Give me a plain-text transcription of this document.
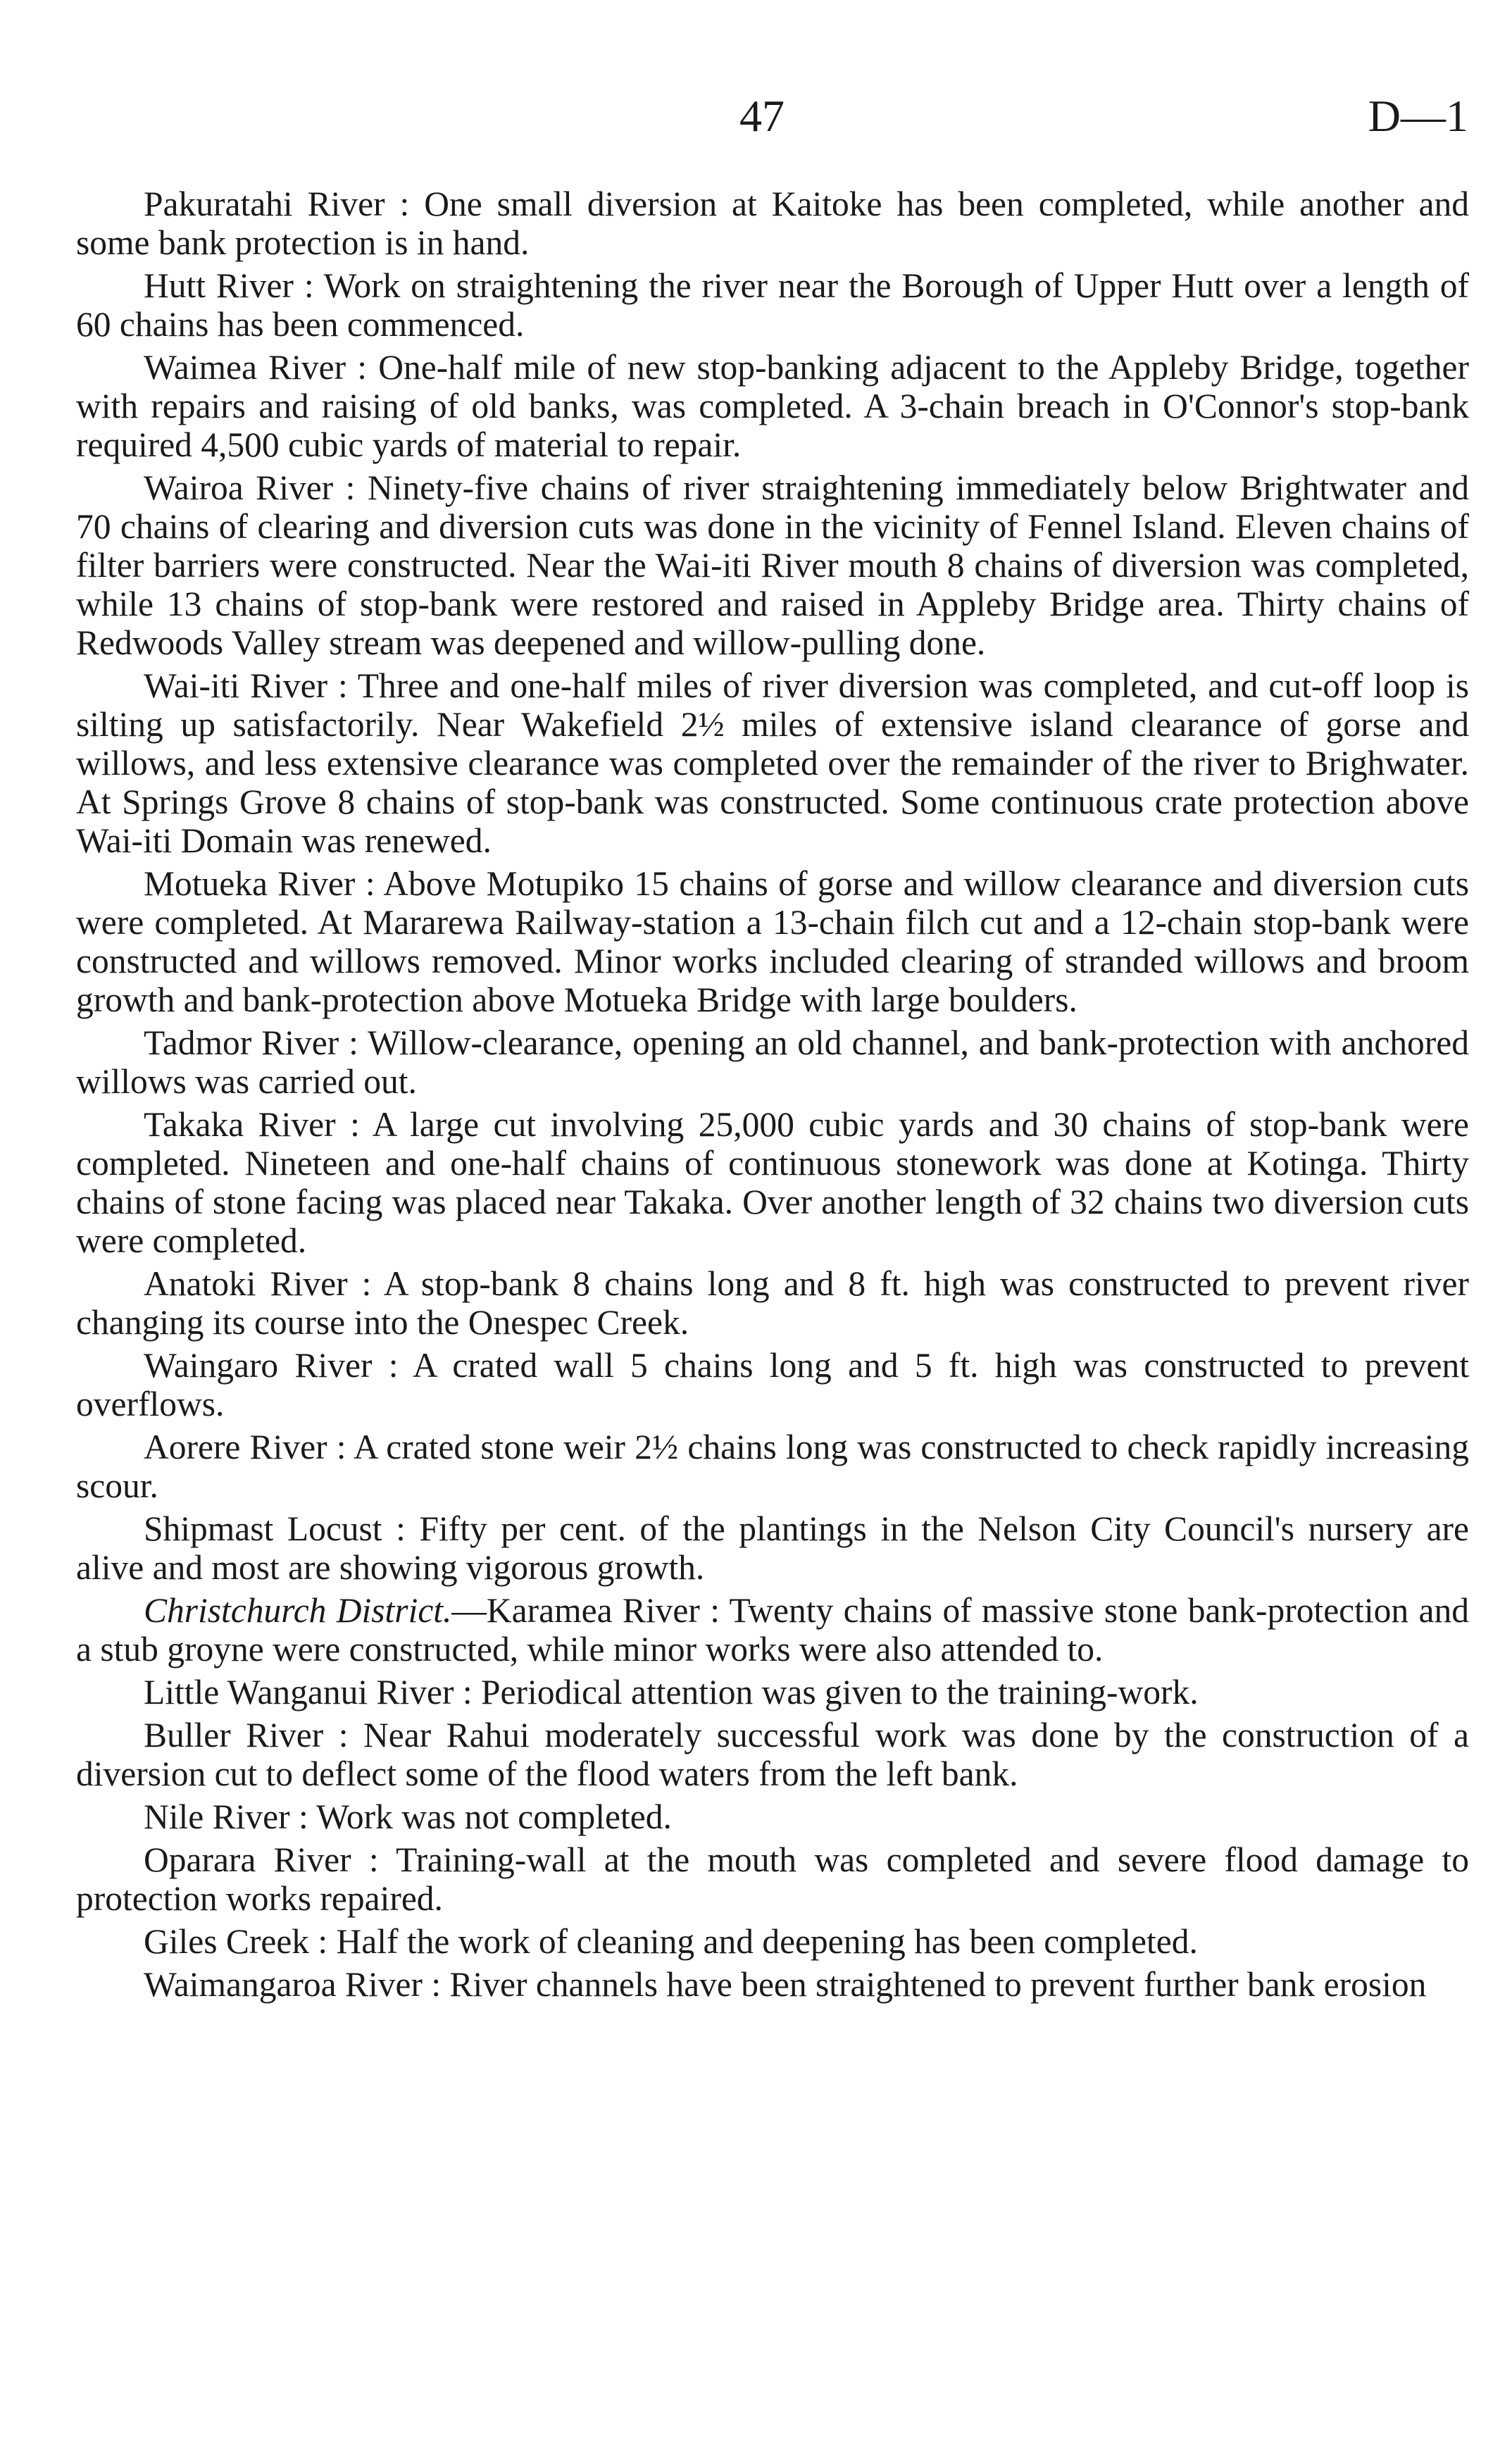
47	D—1

Pakuratahi River : One small diversion at Kaitoke has been completed, while another and some bank protection is in hand.

Hutt River : Work on straightening the river near the Borough of Upper Hutt over a length of 60 chains has been commenced.

Waimea River : One-half mile of new stop-banking adjacent to the Appleby Bridge, together with repairs and raising of old banks, was completed. A 3-chain breach in O'Connor's stop-bank required 4,500 cubic yards of material to repair.

Wairoa River : Ninety-five chains of river straightening immediately below Brightwater and 70 chains of clearing and diversion cuts was done in the vicinity of Fennel Island. Eleven chains of filter barriers were constructed. Near the Wai-iti River mouth 8 chains of diversion was completed, while 13 chains of stop-bank were restored and raised in Appleby Bridge area. Thirty chains of Redwoods Valley stream was deepened and willow-pulling done.

Wai-iti River : Three and one-half miles of river diversion was completed, and cut-off loop is silting up satisfactorily. Near Wakefield 2½ miles of extensive island clearance of gorse and willows, and less extensive clearance was completed over the remainder of the river to Brighwater. At Springs Grove 8 chains of stop-bank was constructed. Some continuous crate protection above Wai-iti Domain was renewed.

Motueka River : Above Motupiko 15 chains of gorse and willow clearance and diversion cuts were completed. At Mararewa Railway-station a 13-chain filch cut and a 12-chain stop-bank were constructed and willows removed. Minor works included clearing of stranded willows and broom growth and bank-protection above Motueka Bridge with large boulders.

Tadmor River : Willow-clearance, opening an old channel, and bank-protection with anchored willows was carried out.

Takaka River : A large cut involving 25,000 cubic yards and 30 chains of stop-bank were completed. Nineteen and one-half chains of continuous stonework was done at Kotinga. Thirty chains of stone facing was placed near Takaka. Over another length of 32 chains two diversion cuts were completed.

Anatoki River : A stop-bank 8 chains long and 8 ft. high was constructed to prevent river changing its course into the Onespec Creek.

Waingaro River : A crated wall 5 chains long and 5 ft. high was constructed to prevent overflows.

Aorere River : A crated stone weir 2½ chains long was constructed to check rapidly increasing scour.

Shipmast Locust : Fifty per cent. of the plantings in the Nelson City Council's nursery are alive and most are showing vigorous growth.

Christchurch District.—Karamea River : Twenty chains of massive stone bank-protection and a stub groyne were constructed, while minor works were also attended to.

Little Wanganui River : Periodical attention was given to the training-work.

Buller River : Near Rahui moderately successful work was done by the construction of a diversion cut to deflect some of the flood waters from the left bank.

Nile River : Work was not completed.

Oparara River : Training-wall at the mouth was completed and severe flood damage to protection works repaired.

Giles Creek : Half the work of cleaning and deepening has been completed.

Waimangaroa River : River channels have been straightened to prevent further bank erosion
